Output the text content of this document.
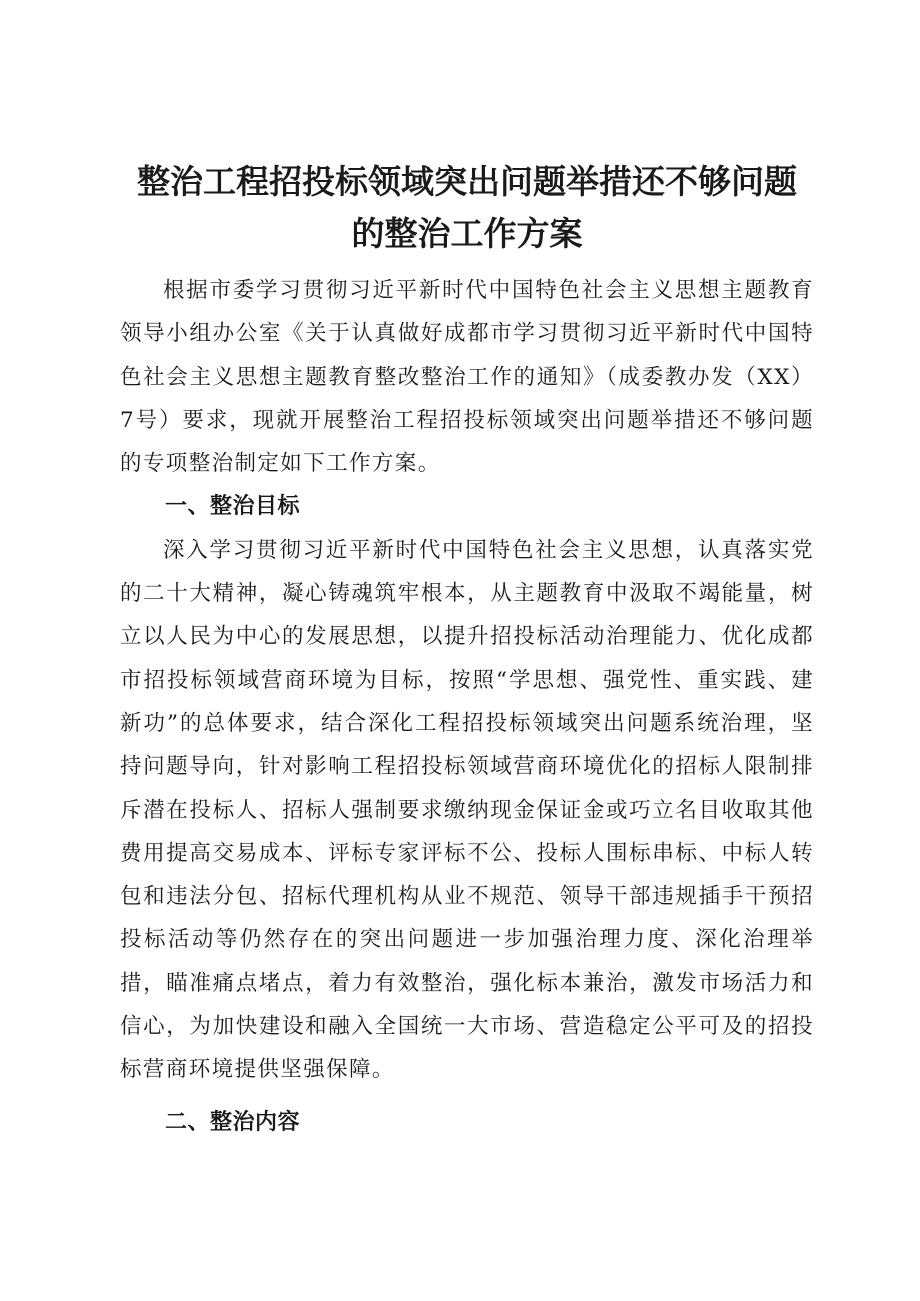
整治工程招投标领域突出问题举措还不够问题
的整治工作方案

根据市委学习贯彻习近平新时代中国特色社会主义思想主题教育领导小组办公室《关于认真做好成都市学习贯彻习近平新时代中国特色社会主义思想主题教育整改整治工作的通知》（成委教办发（XX）7号）要求，现就开展整治工程招投标领域突出问题举措还不够问题的专项整治制定如下工作方案。

一、整治目标

深入学习贯彻习近平新时代中国特色社会主义思想，认真落实党的二十大精神，凝心铸魂筑牢根本，从主题教育中汲取不竭能量，树立以人民为中心的发展思想，以提升招投标活动治理能力、优化成都市招投标领域营商环境为目标，按照“学思想、强党性、重实践、建新功”的总体要求，结合深化工程招投标领域突出问题系统治理，坚持问题导向，针对影响工程招投标领域营商环境优化的招标人限制排斥潜在投标人、招标人强制要求缴纳现金保证金或巧立名目收取其他费用提高交易成本、评标专家评标不公、投标人围标串标、中标人转包和违法分包、招标代理机构从业不规范、领导干部违规插手干预招投标活动等仍然存在的突出问题进一步加强治理力度、深化治理举措，瞄准痛点堵点，着力有效整治，强化标本兼治，激发市场活力和信心，为加快建设和融入全国统一大市场、营造稳定公平可及的招投标营商环境提供坚强保障。

二、整治内容
